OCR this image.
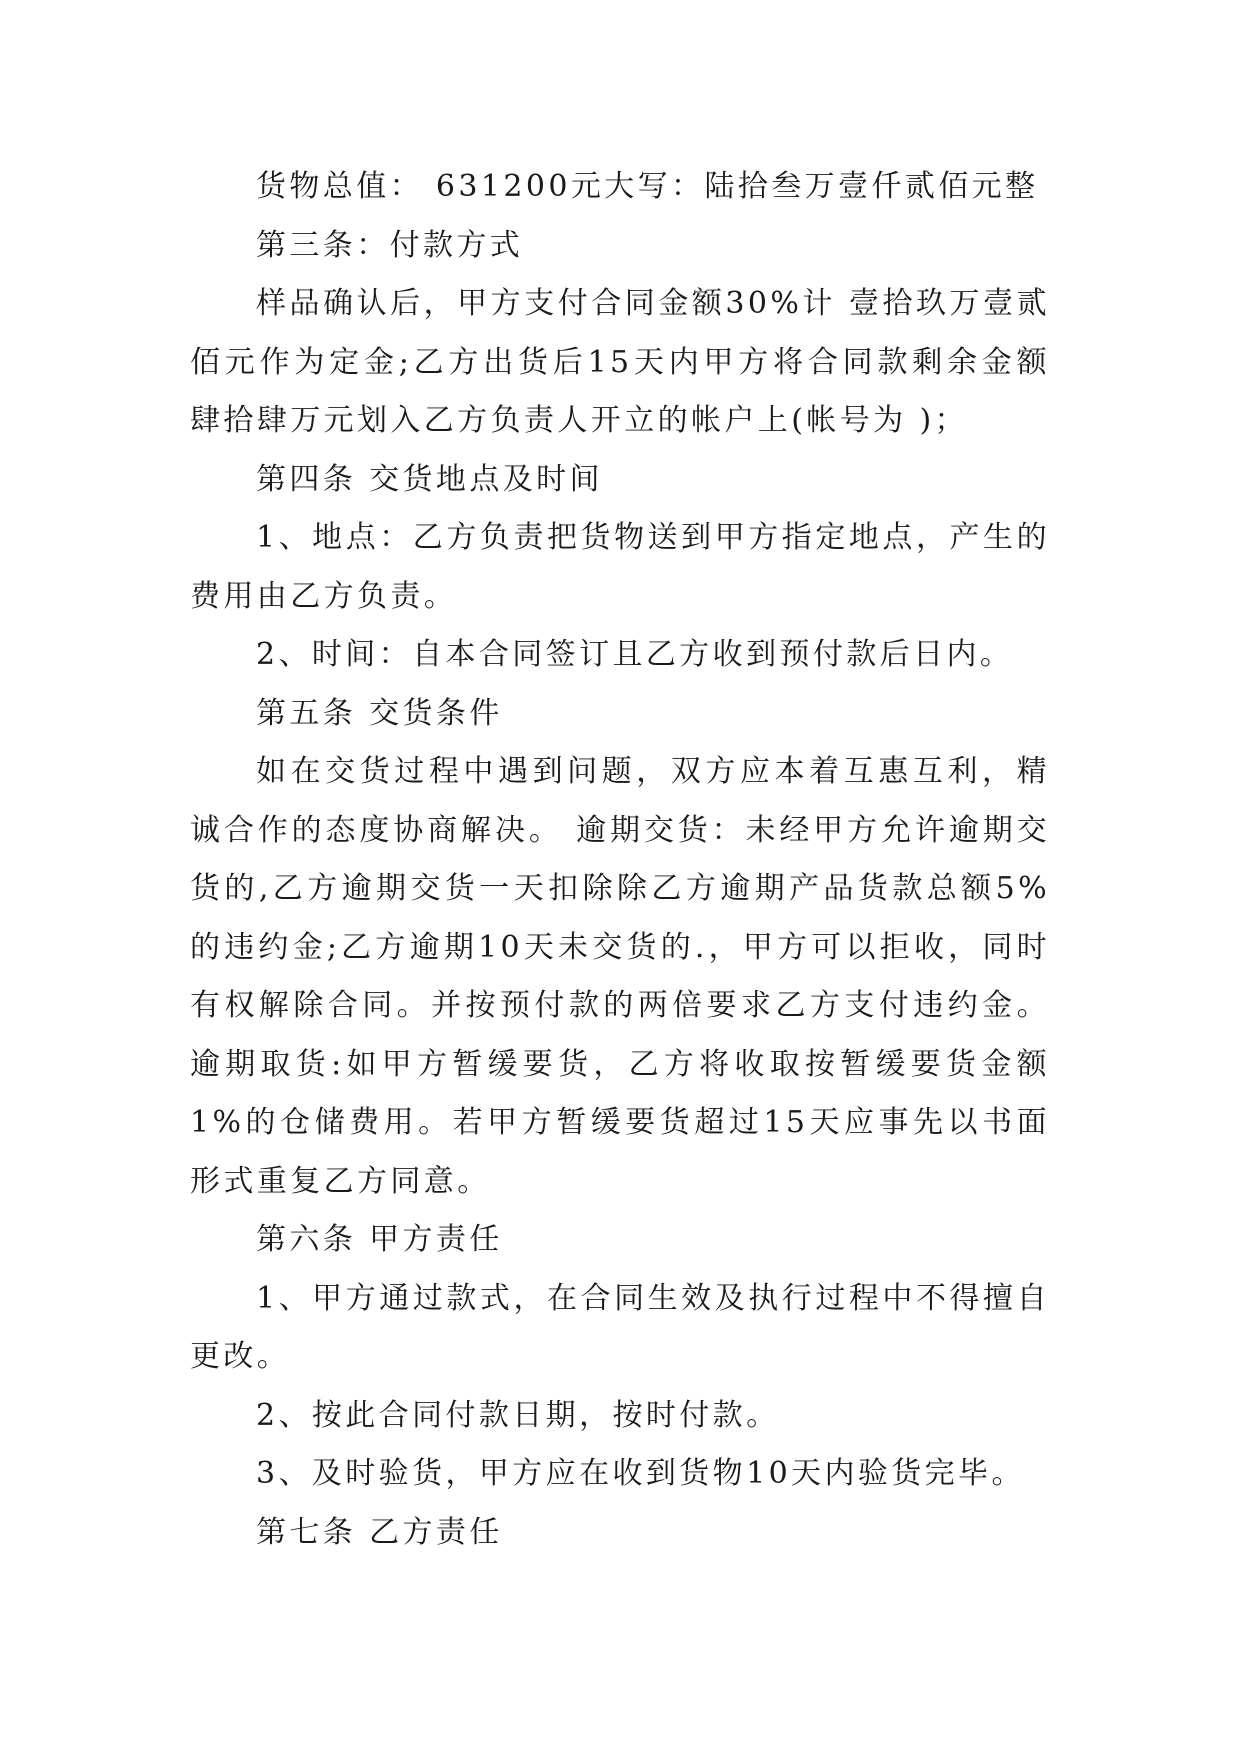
货物总值： 631200元大写：陆拾叁万壹仟贰佰元整

第三条：付款方式

样品确认后，甲方支付合同金额30%计 壹拾玖万壹贰佰元作为定金;乙方出货后15天内甲方将合同款剩余金额 肆拾肆万元划入乙方负责人开立的帐户上(帐号为 )；

第四条 交货地点及时间

1、地点：乙方负责把货物送到甲方指定地点，产生的费用由乙方负责。

2、时间：自本合同签订且乙方收到预付款后日内。

第五条 交货条件

如在交货过程中遇到问题，双方应本着互惠互利，精诚合作的态度协商解决。 逾期交货：未经甲方允许逾期交货的,乙方逾期交货一天扣除除乙方逾期产品货款总额5%的违约金;乙方逾期10天未交货的.，甲方可以拒收，同时有权解除合同。并按预付款的两倍要求乙方支付违约金。逾期取货:如甲方暂缓要货，乙方将收取按暂缓要货金额1%的仓储费用。若甲方暂缓要货超过15天应事先以书面形式重复乙方同意。

第六条 甲方责任

1、甲方通过款式，在合同生效及执行过程中不得擅自更改。

2、按此合同付款日期，按时付款。

3、及时验货，甲方应在收到货物10天内验货完毕。

第七条 乙方责任
